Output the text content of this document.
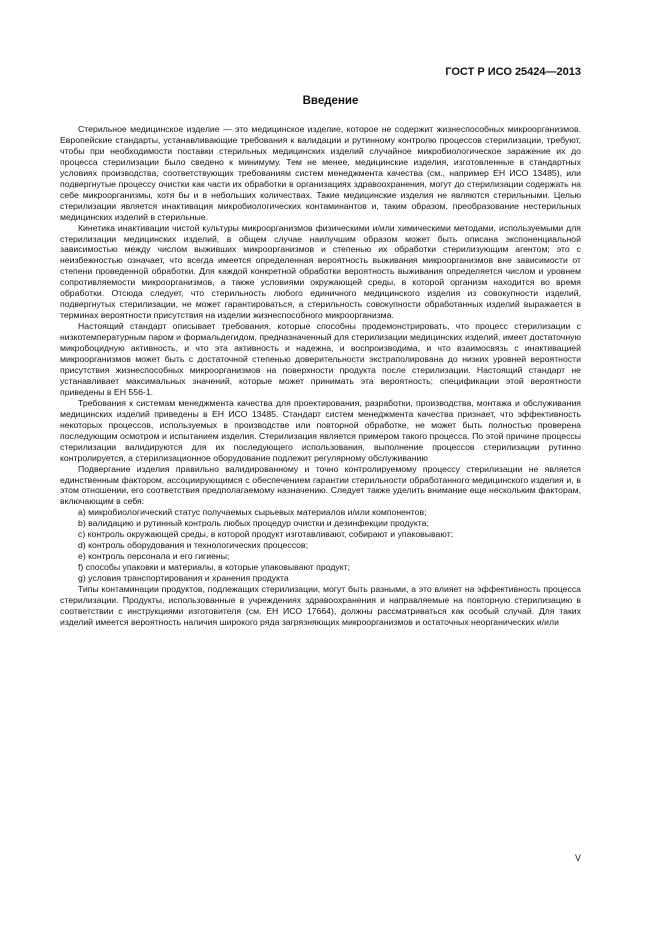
ГОСТ Р ИСО 25424—2013
Введение

Стерильное медицинское изделие — это медицинское изделие, которое не содержит жизнеспособных микроорганизмов. Европейские стандарты, устанавливающие требования к валидации и рутинному контролю процессов стерилизации, требуют, чтобы при необходимости поставки стерильных медицинских изделий случайное микробиологическое заражение их до процесса стерилизации было сведено к минимуму. Тем не менее, медицинские изделия, изготовленные в стандартных условиях производства, соответствующих требованиям систем менеджмента качества (см., например ЕН ИСО 13485), или подвергнутые процессу очистки как части их обработки в организациях здравоохранения, могут до стерилизации содержать на себе микроорганизмы, хотя бы и в небольших количествах. Такие медицинские изделия не являются стерильными. Целью стерилизации является инактивация микробиологических контаминантов и, таким образом, преобразование нестерильных медицинских изделий в стерильные.

Кинетика инактивации чистой культуры микроорганизмов физическими и/или химическими методами, используемыми для стерилизации медицинских изделий, в общем случае наилучшим образом может быть описана экспоненциальной зависимостью между числом выживших микроорганизмов и степенью их обработки стерилизующим агентом; это с неизбежностью означает, что всегда имеется определенная вероятность выживания микроорганизмов вне зависимости от степени проведенной обработки. Для каждой конкретной обработки вероятность выживания определяется числом и уровнем сопротивляемости микроорганизмов, а также условиями окружающей среды, в которой организм находится во время обработки. Отсюда следует, что стерильность любого единичного медицинского изделия из совокупности изделий, подвергнутых стерилизации, не может гарантироваться, а стерильность совокупности обработанных изделий выражается в терминах вероятности присутствия на изделии жизнеспособного микроорганизма.

Настоящий стандарт описывает требования, которые способны продемонстрировать, что процесс стерилизации с низкотемпературным паром и формальдегидом, предназначенный для стерилизации медицинских изделий, имеет достаточную микробоцидную активность, и что эта активность и надежна, и воспроизводима, и что взаимосвязь с инактивацией микроорганизмов может быть с достаточной степенью доверительности экстраполирована до низких уровней вероятности присутствия жизнеспособных микроорганизмов на поверхности продукта после стерилизации. Настоящий стандарт не устанавливает максимальных значений, которые может принимать эта вероятность; спецификации этой вероятности приведены в ЕН 556-1.

Требования к системам менеджмента качества для проектирования, разработки, производства, монтажа и обслуживания медицинских изделий приведены в ЕН ИСО 13485. Стандарт систем менеджмента качества признает, что эффективность некоторых процессов, используемых в производстве или повторной обработке, не может быть полностью проверена последующим осмотром и испытанием изделия. Стерилизация является примером такого процесса. По этой причине процессы стерилизации валидируются для их последующего использования, выполнение процессов стерилизации рутинно контролируется, а стерилизационное оборудование подлежит регулярному обслуживанию

Подвергание изделия правильно валидированному и точно контролируемому процессу стерилизации не является единственным фактором, ассоциирующимся с обеспечением гарантии стерильности обработанного медицинского изделия и, в этом отношении, его соответствия предполагаемому назначению. Следует также уделить внимание еще нескольким факторам, включающим в себя:

a) микробиологический статус получаемых сырьевых материалов и/или компонентов;
b) валидацию и рутинный контроль любых процедур очистки и дезинфекции продукта;
c) контроль окружающей среды, в которой продукт изготавливают, собирают и упаковывают;
d) контроль оборудования и технологических процессов;
e) контроль персонала и его гигиены;
f) способы упаковки и материалы, в которые упаковывают продукт;
g) условия транспортирования и хранения продукта

Типы контаминации продуктов, подлежащих стерилизации, могут быть разными, а это влияет на эффективность процесса стерилизации. Продукты, использованные в учреждениях здравоохранения и направляемые на повторную стерилизацию в соответствии с инструкциями изготовителя (см. ЕН ИСО 17664), должны рассматриваться как особый случай. Для таких изделий имеется вероятность наличия широкого ряда загрязняющих микроорганизмов и остаточных неорганических и/или

V
